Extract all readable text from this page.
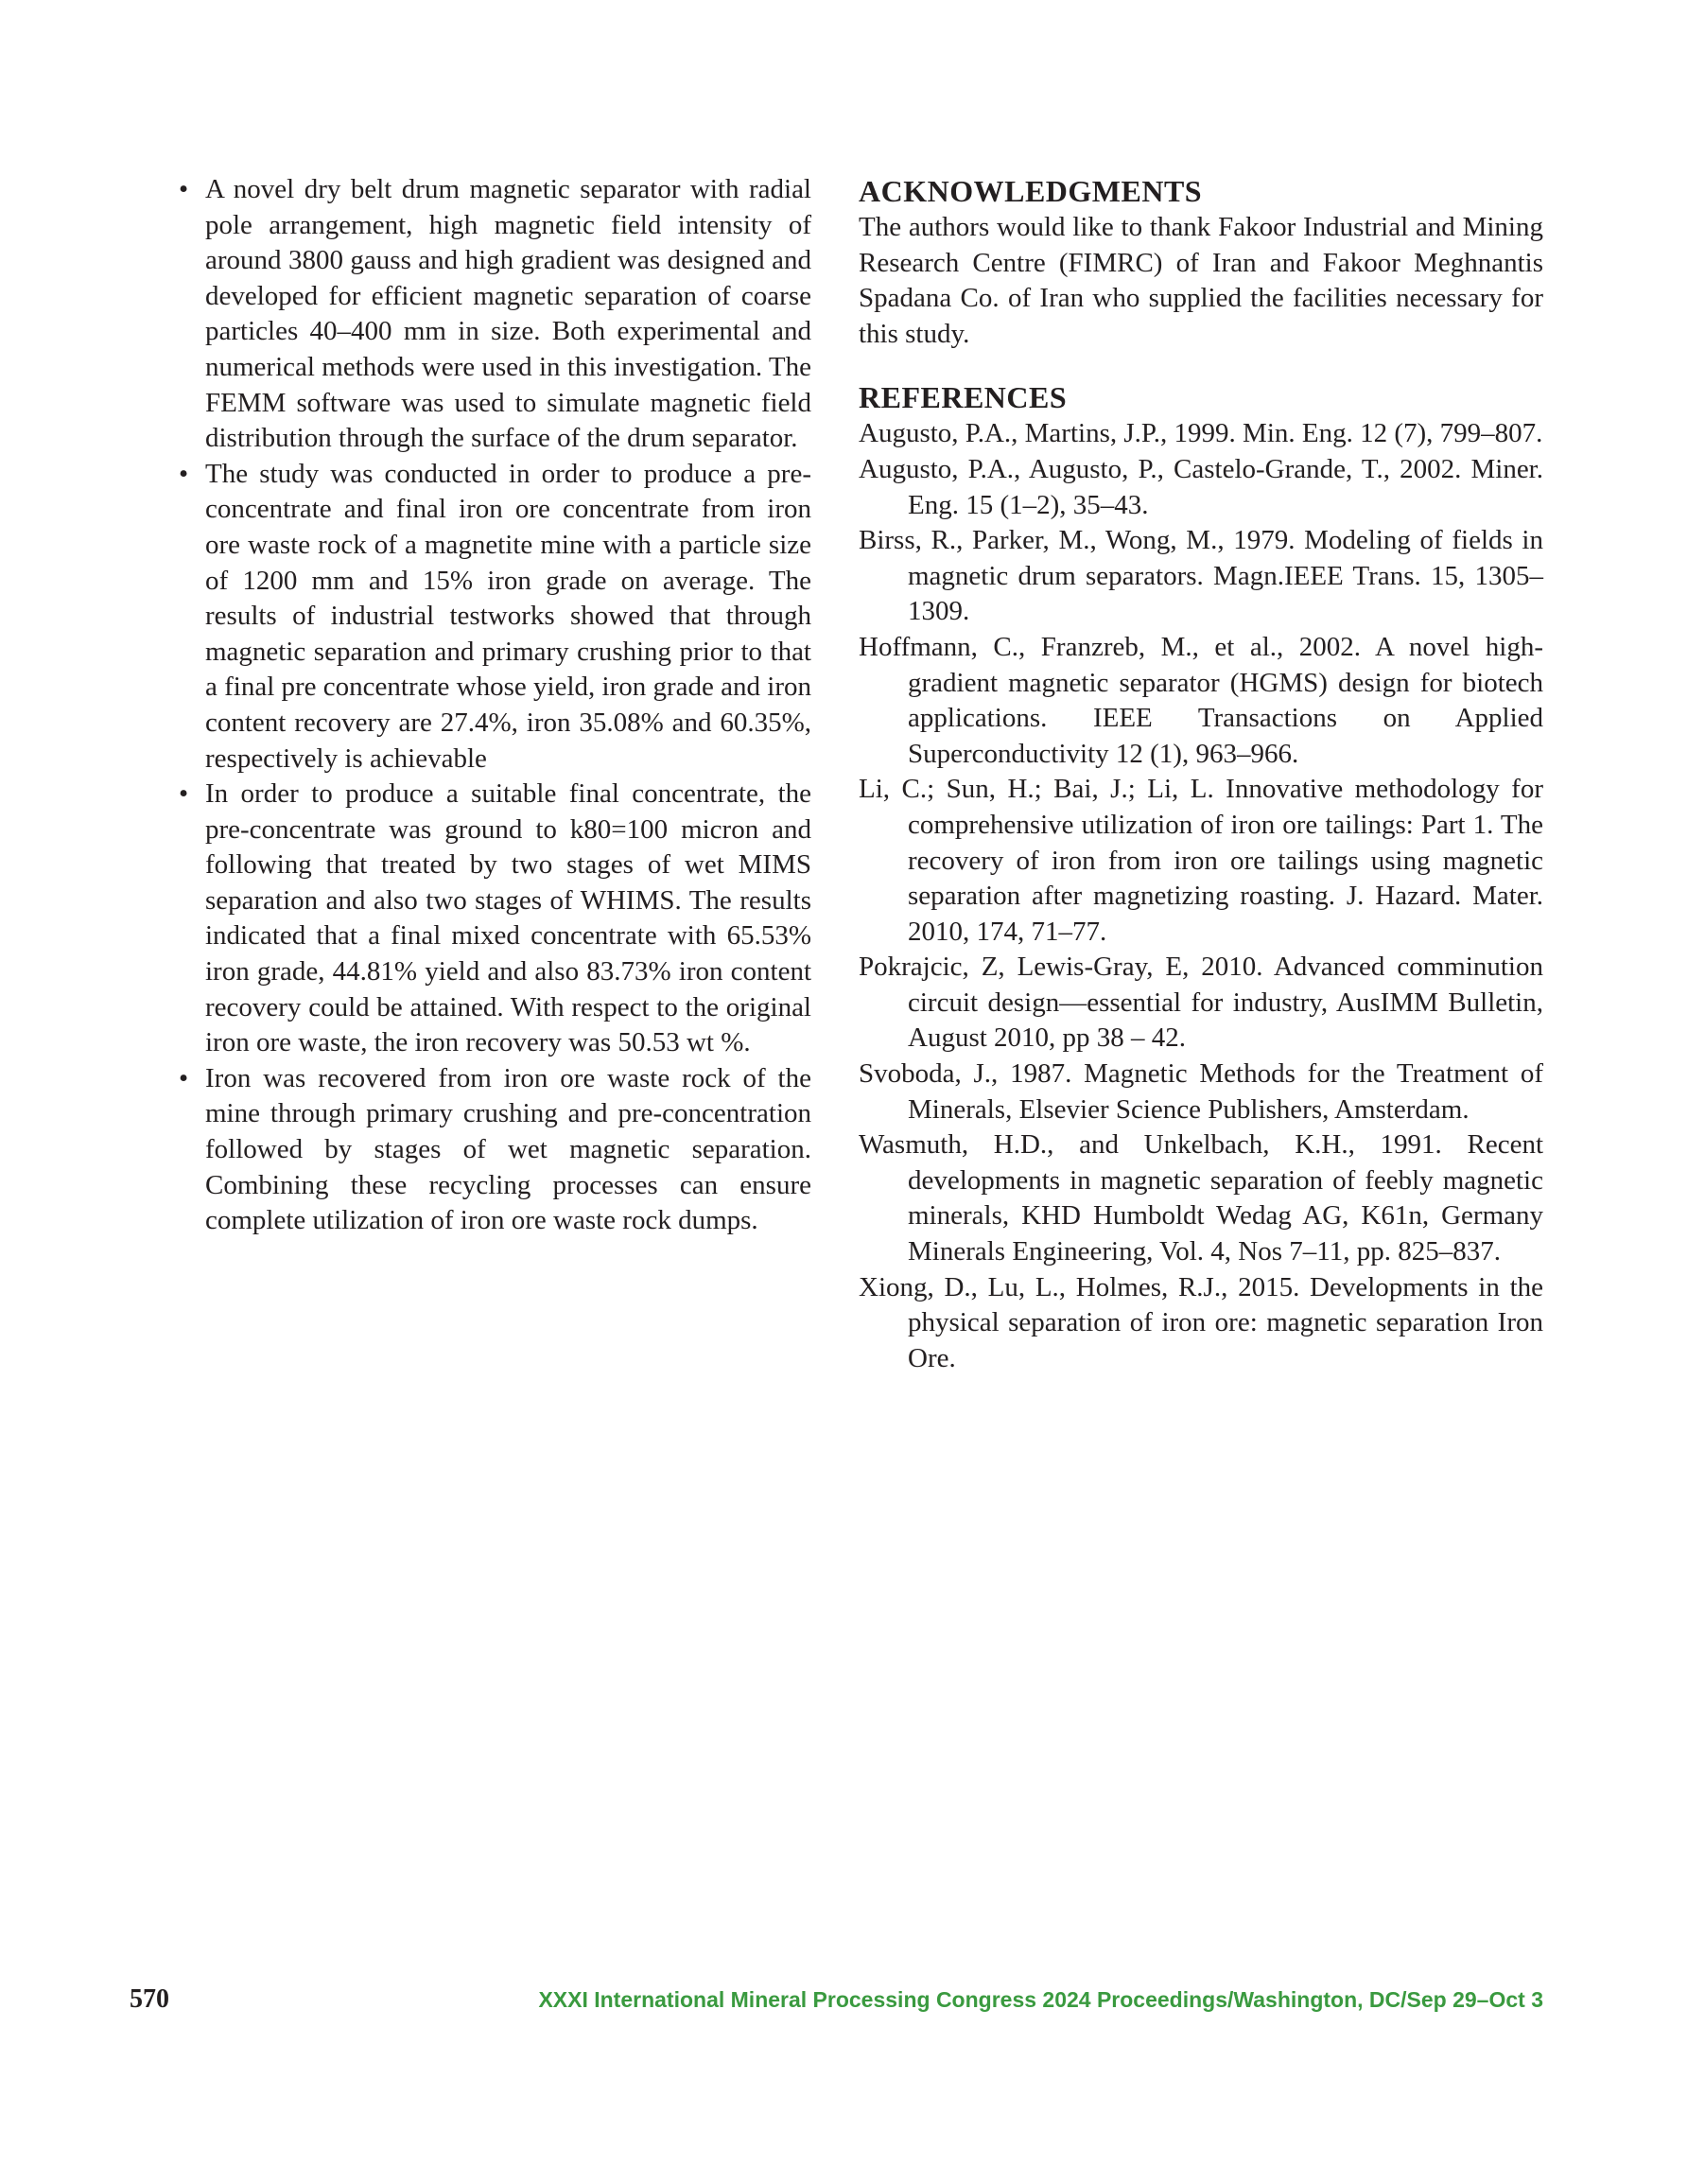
• A novel dry belt drum magnetic separator with radial pole arrangement, high magnetic field intensity of around 3800 gauss and high gradient was designed and developed for efficient magnetic separation of coarse particles 40–400 mm in size. Both experimental and numerical methods were used in this investigation. The FEMM software was used to simulate magnetic field distribution through the surface of the drum separator.
• The study was conducted in order to produce a pre-concentrate and final iron ore concentrate from iron ore waste rock of a magnetite mine with a particle size of 1200 mm and 15% iron grade on average. The results of industrial testworks showed that through magnetic separation and primary crushing prior to that a final pre concentrate whose yield, iron grade and iron content recovery are 27.4%, iron 35.08% and 60.35%, respectively is achievable
• In order to produce a suitable final concentrate, the pre-concentrate was ground to k80=100 micron and following that treated by two stages of wet MIMS separation and also two stages of WHIMS. The results indicated that a final mixed concentrate with 65.53% iron grade, 44.81% yield and also 83.73% iron content recovery could be attained. With respect to the original iron ore waste, the iron recovery was 50.53 wt %.
• Iron was recovered from iron ore waste rock of the mine through primary crushing and pre-concentration followed by stages of wet magnetic separation. Combining these recycling processes can ensure complete utilization of iron ore waste rock dumps.
ACKNOWLEDGMENTS

The authors would like to thank Fakoor Industrial and Mining Research Centre (FIMRC) of Iran and Fakoor Meghnantis Spadana Co. of Iran who supplied the facilities necessary for this study.

REFERENCES
Augusto, P.A., Martins, J.P., 1999. Min. Eng. 12 (7), 799–807.
Augusto, P.A., Augusto, P., Castelo-Grande, T., 2002. Miner. Eng. 15 (1–2), 35–43.
Birss, R., Parker, M., Wong, M., 1979. Modeling of fields in magnetic drum separators. Magn.IEEE Trans. 15, 1305–1309.
Hoffmann, C., Franzreb, M., et al., 2002. A novel high-gradient magnetic separator (HGMS) design for biotech applications. IEEE Transactions on Applied Superconductivity 12 (1), 963–966.
Li, C.; Sun, H.; Bai, J.; Li, L. Innovative methodology for comprehensive utilization of iron ore tailings: Part 1. The recovery of iron from iron ore tailings using magnetic separation after magnetizing roasting. J. Hazard. Mater. 2010, 174, 71–77.
Pokrajcic, Z, Lewis-Gray, E, 2010. Advanced comminution circuit design—essential for industry, AusIMM Bulletin, August 2010, pp 38 – 42.
Svoboda, J., 1987. Magnetic Methods for the Treatment of Minerals, Elsevier Science Publishers, Amsterdam.
Wasmuth, H.D., and Unkelbach, K.H., 1991. Recent developments in magnetic separation of feebly magnetic minerals, KHD Humboldt Wedag AG, K61n, Germany Minerals Engineering, Vol. 4, Nos 7–11, pp. 825–837.
Xiong, D., Lu, L., Holmes, R.J., 2015. Developments in the physical separation of iron ore: magnetic separation Iron Ore.
570	XXXI International Mineral Processing Congress 2024 Proceedings/Washington, DC/Sep 29–Oct 3
